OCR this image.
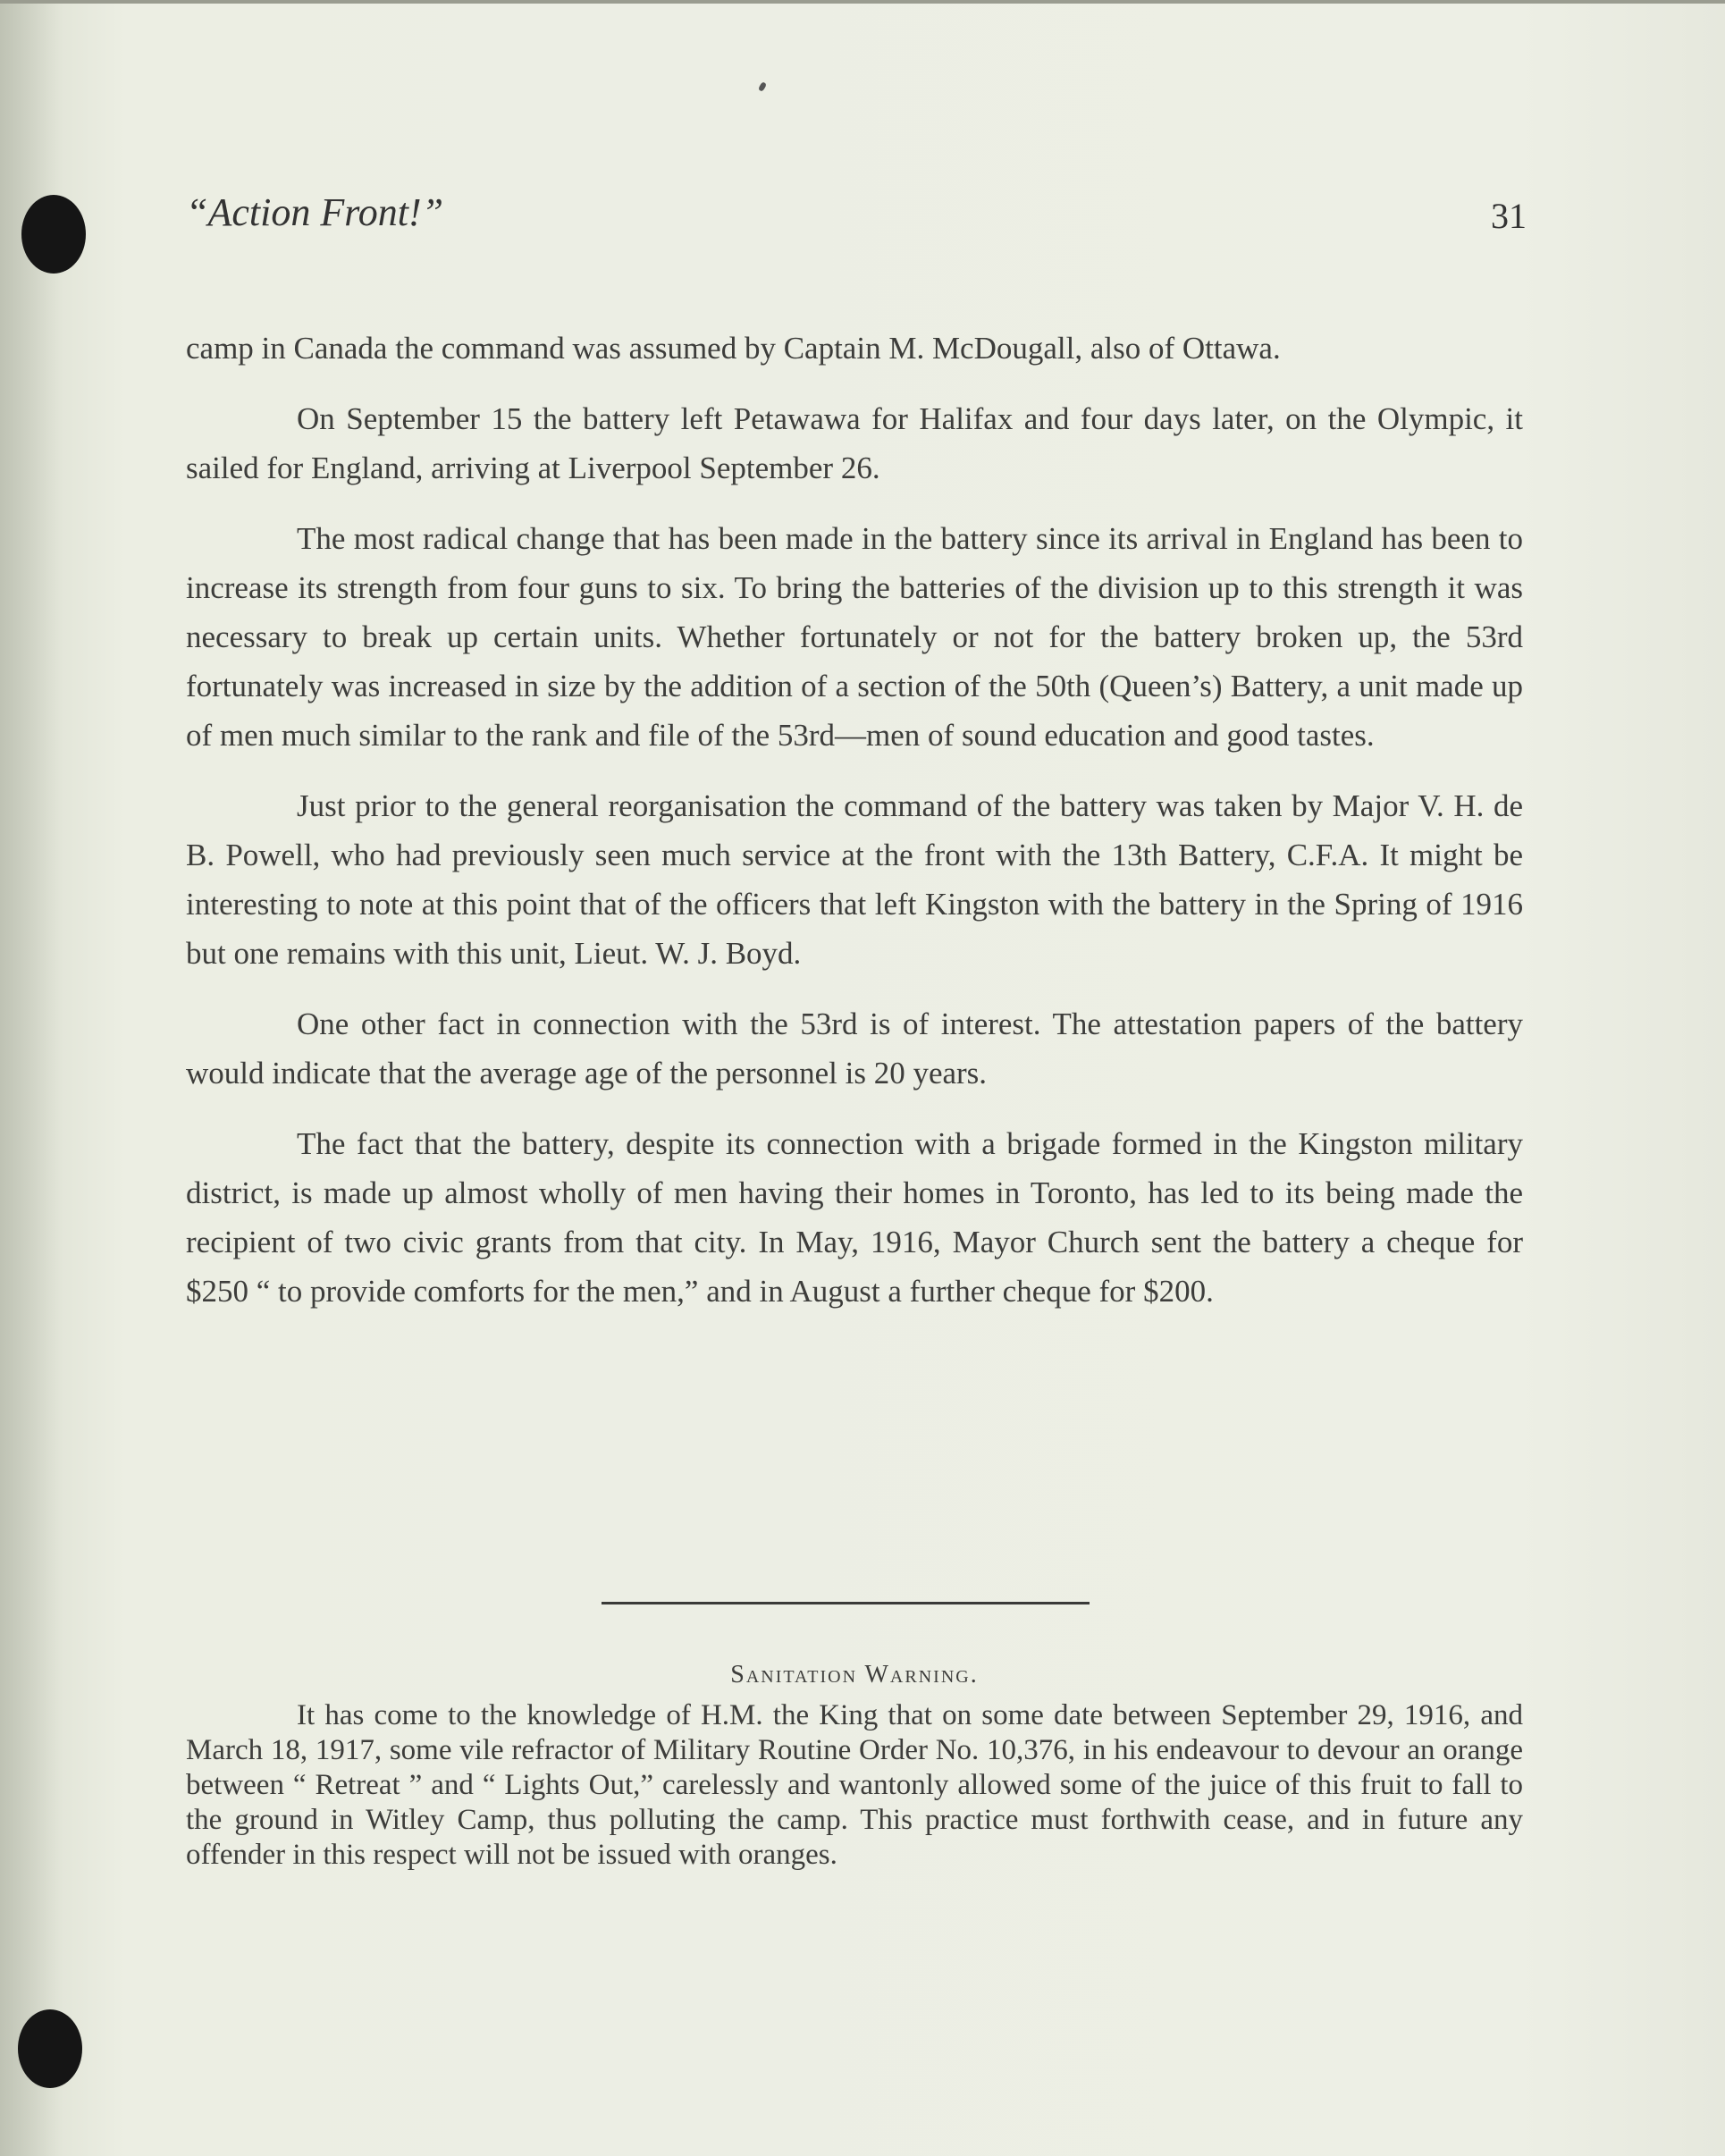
“Action Front!”	31

camp in Canada the command was assumed by Captain M. McDougall, also of Ottawa.

On September 15 the battery left Petawawa for Halifax and four days later, on the Olympic, it sailed for England, arriving at Liverpool September 26.

The most radical change that has been made in the battery since its arrival in England has been to increase its strength from four guns to six. To bring the batteries of the division up to this strength it was necessary to break up certain units. Whether fortunately or not for the battery broken up, the 53rd fortunately was increased in size by the addition of a section of the 50th (Queen’s) Battery, a unit made up of men much similar to the rank and file of the 53rd—men of sound education and good tastes.

Just prior to the general reorganisation the command of the battery was taken by Major V. H. de B. Powell, who had previously seen much service at the front with the 13th Battery, C.F.A. It might be interesting to note at this point that of the officers that left Kingston with the battery in the Spring of 1916 but one remains with this unit, Lieut. W. J. Boyd.

One other fact in connection with the 53rd is of interest. The attestation papers of the battery would indicate that the average age of the personnel is 20 years.

The fact that the battery, despite its connection with a brigade formed in the Kingston military district, is made up almost wholly of men having their homes in Toronto, has led to its being made the recipient of two civic grants from that city. In May, 1916, Mayor Church sent the battery a cheque for $250 “ to provide comforts for the men,” and in August a further cheque for $200.

Sanitation Warning.

It has come to the knowledge of H.M. the King that on some date between September 29, 1916, and March 18, 1917, some vile refractor of Military Routine Order No. 10,376, in his endeavour to devour an orange between “ Retreat ” and “ Lights Out,” carelessly and wantonly allowed some of the juice of this fruit to fall to the ground in Witley Camp, thus polluting the camp. This practice must forthwith cease, and in future any offender in this respect will not be issued with oranges.
